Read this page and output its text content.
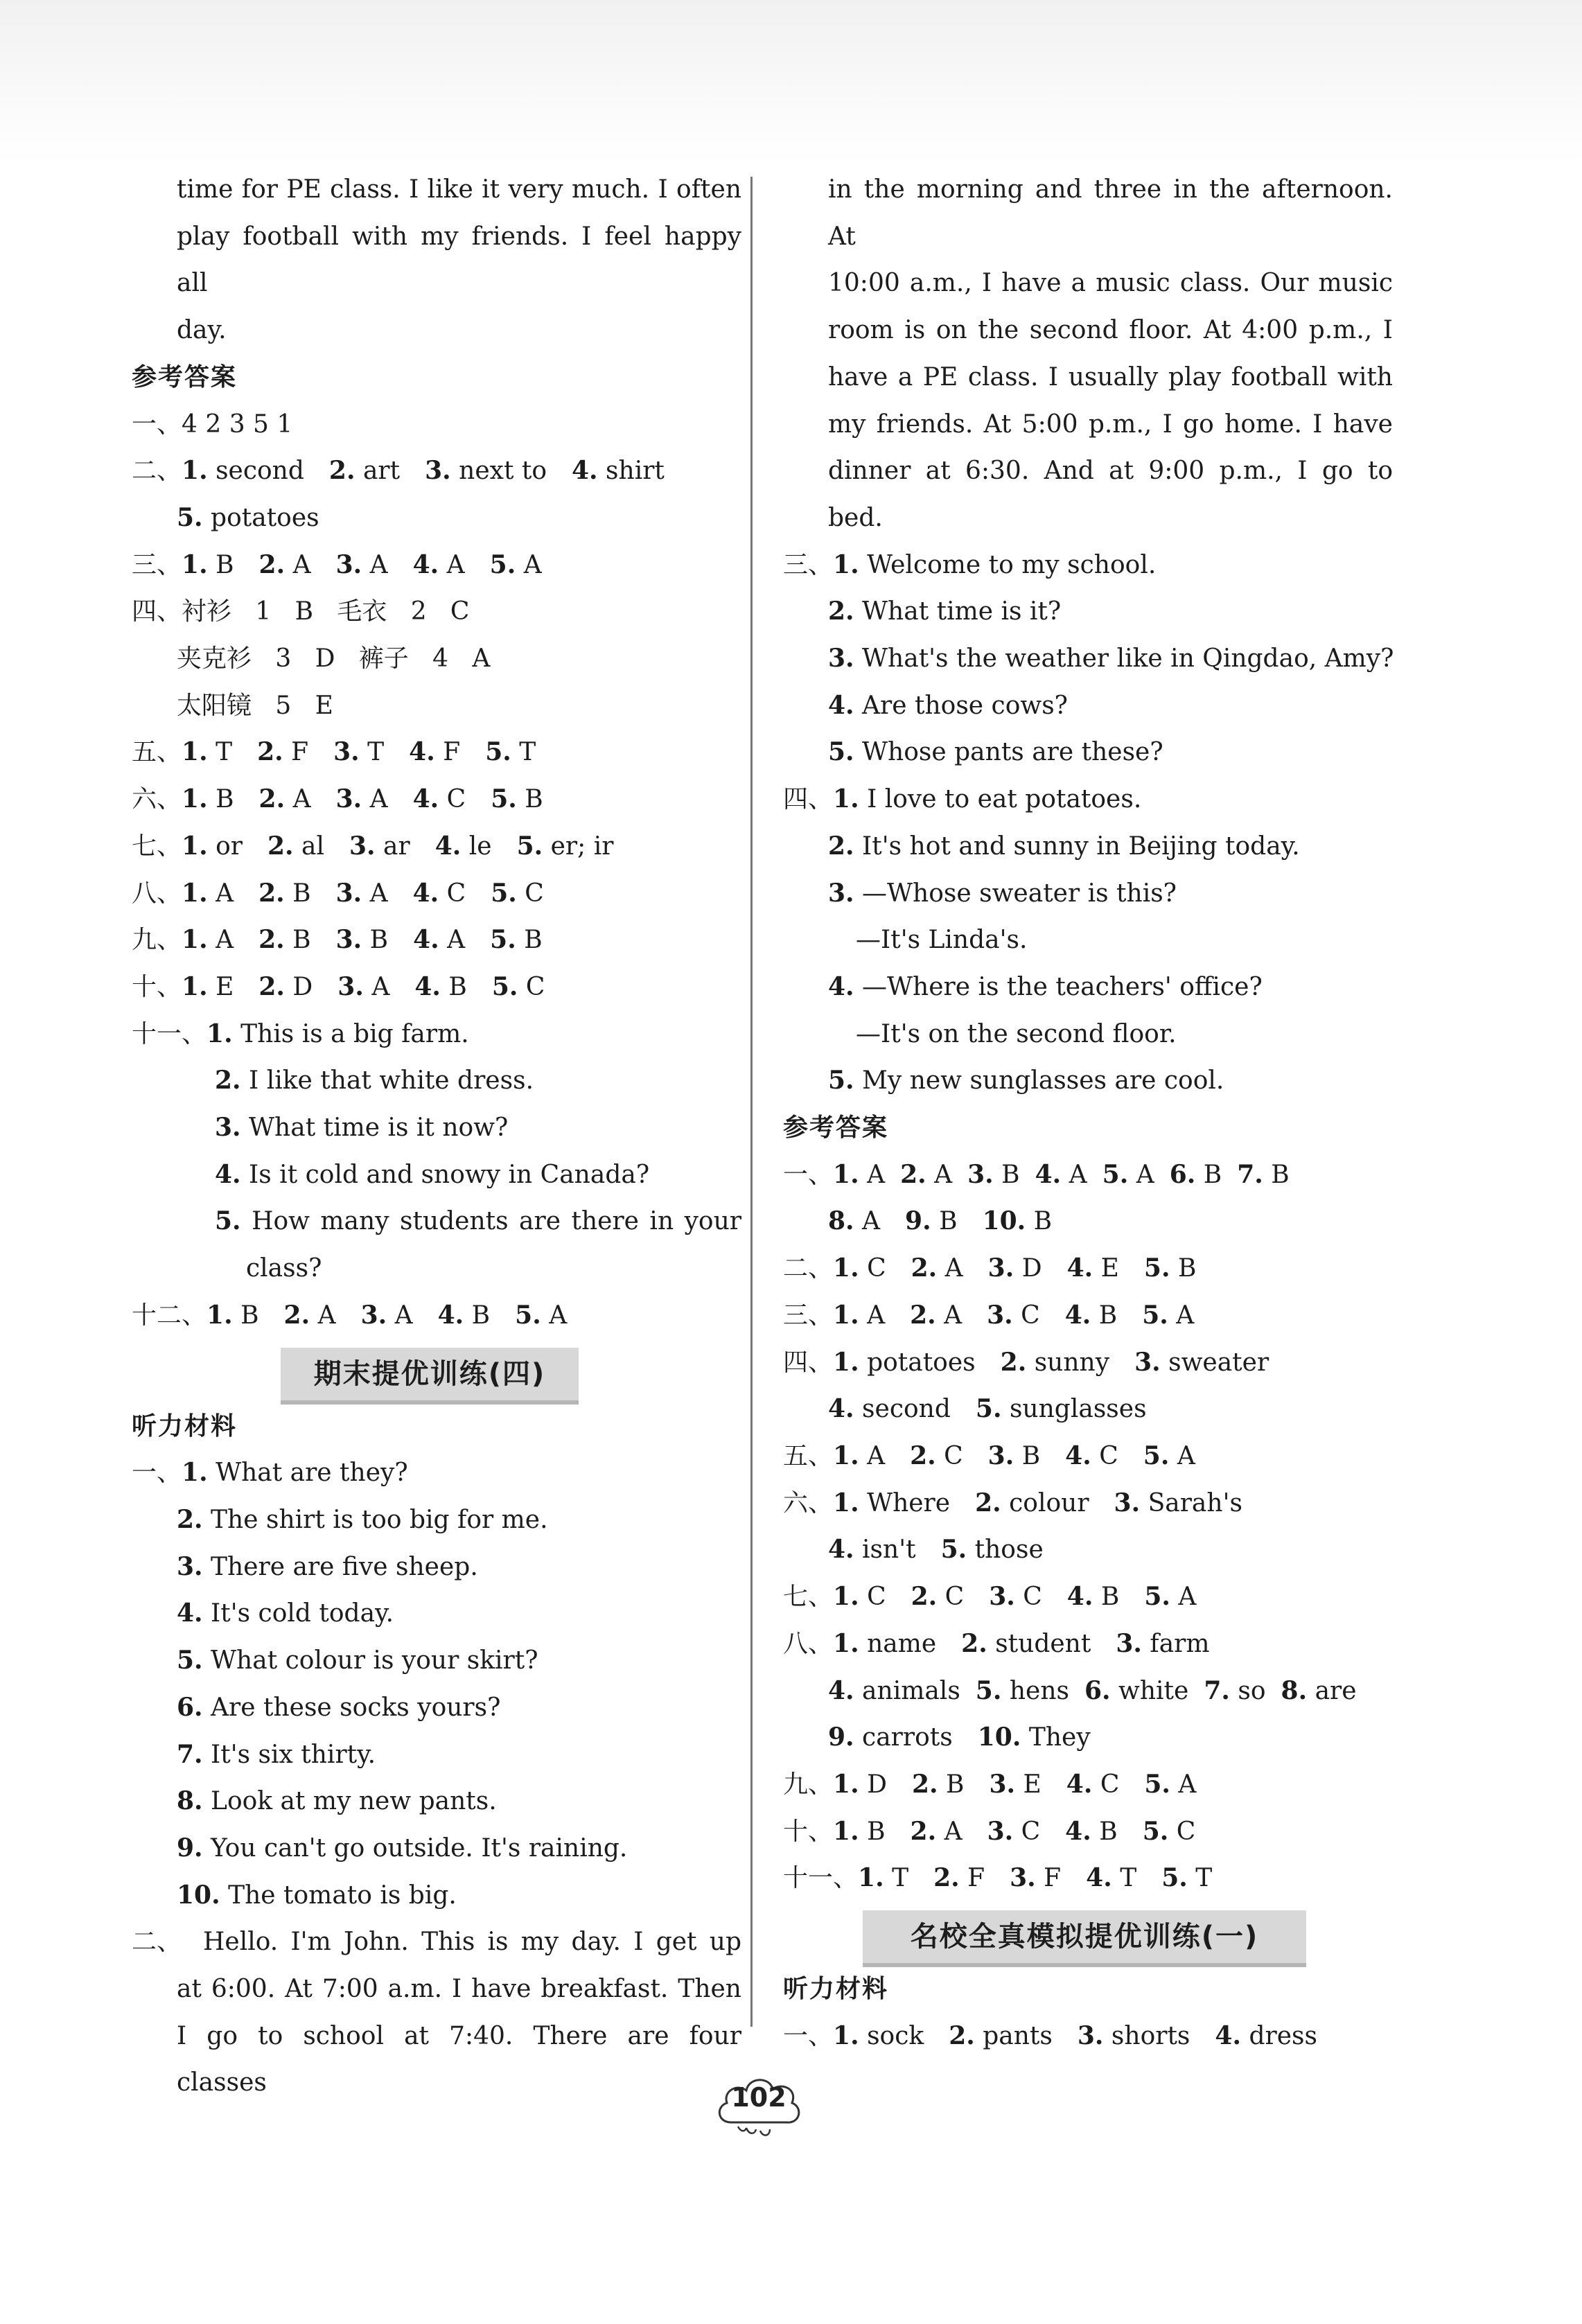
time for PE class. I like it very much. I often
play football with my friends. I feel happy all
day.
参考答案
一、4 2 3 5 1
二、1. second 2. art 3. next to 4. shirt
5. potatoes
三、1. B 2. A 3. A 4. A 5. A
四、衬衫   1   B   毛衣   2   C
夹克衫   3   D   裤子   4   A
太阳镜   5   E
五、1. T 2. F 3. T 4. F 5. T
六、1. B 2. A 3. A 4. C 5. B
七、1. or 2. al 3. ar 4. le 5. er; ir
八、1. A 2. B 3. A 4. C 5. C
九、1. A 2. B 3. B 4. A 5. B
十、1. E 2. D 3. A 4. B 5. C
十一、1. This is a big farm.
2. I like that white dress.
3. What time is it now?
4. Is it cold and snowy in Canada?
5. How many students are there in your
class?
十二、1. B 2. A 3. A 4. B 5. A
期末提优训练(四)
听力材料
一、1. What are they?
2. The shirt is too big for me.
3. There are five sheep.
4. It's cold today.
5. What colour is your skirt?
6. Are these socks yours?
7. It's six thirty.
8. Look at my new pants.
9. You can't go outside. It's raining.
10. The tomato is big.
二、 Hello. I'm John. This is my day. I get up
at 6:00. At 7:00 a.m. I have breakfast. Then
I go to school at 7:40. There are four classes
in the morning and three in the afternoon. At
10:00 a.m., I have a music class. Our music
room is on the second floor. At 4:00 p.m., I
have a PE class. I usually play football with
my friends. At 5:00 p.m., I go home. I have
dinner at 6:30. And at 9:00 p.m., I go to
bed.
三、1. Welcome to my school.
2. What time is it?
3. What's the weather like in Qingdao, Amy?
4. Are those cows?
5. Whose pants are these?
四、1. I love to eat potatoes.
2. It's hot and sunny in Beijing today.
3. —Whose sweater is this?
—It's Linda's.
4. —Where is the teachers' office?
—It's on the second floor.
5. My new sunglasses are cool.
参考答案
一、1. A 2. A 3. B 4. A 5. A 6. B 7. B
8. A 9. B 10. B
二、1. C 2. A 3. D 4. E 5. B
三、1. A 2. A 3. C 4. B 5. A
四、1. potatoes 2. sunny 3. sweater
4. second 5. sunglasses
五、1. A 2. C 3. B 4. C 5. A
六、1. Where 2. colour 3. Sarah's
4. isn't 5. those
七、1. C 2. C 3. C 4. B 5. A
八、1. name 2. student 3. farm
4. animals 5. hens 6. white 7. so 8. are
9. carrots 10. They
九、1. D 2. B 3. E 4. C 5. A
十、1. B 2. A 3. C 4. B 5. C
十一、1. T 2. F 3. F 4. T 5. T
名校全真模拟提优训练(一)
听力材料
一、1. sock 2. pants 3. shorts 4. dress
102
